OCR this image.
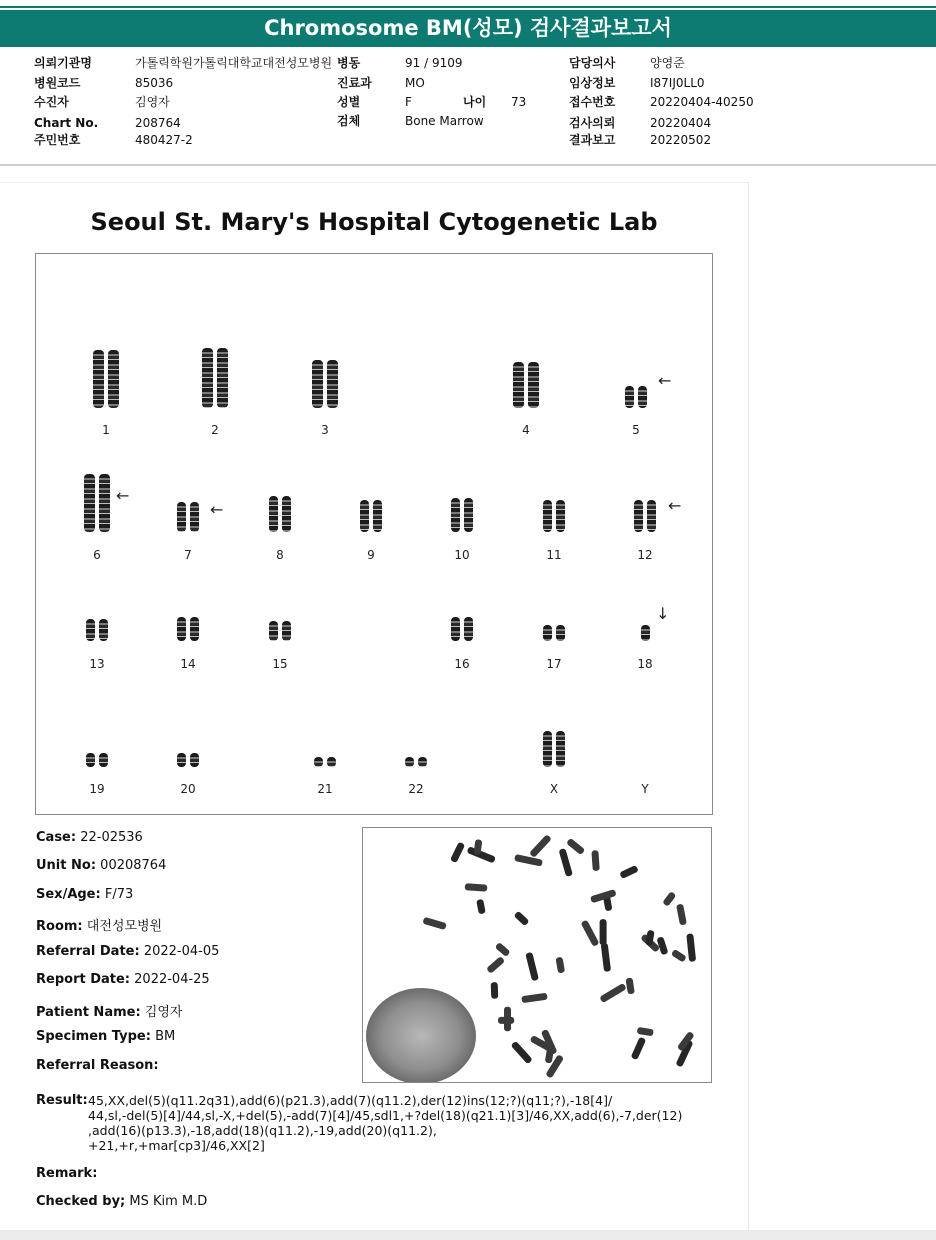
Chromosome BM(성모) 검사결과보고서
의뢰기관명	가톨릭학원가톨릭대학교대전성모병원 병동	91 / 9109	담당의사	양영준
병원코드	85036	진료과	MO	임상정보	I87IJ0LL0
수진자	김영자	성별	F	나이 73	접수번호	20220404-40250
Chart No.	208764	검체	Bone Marrow	검사의뢰	20220404
주민번호	480427-2	결과보고	20220502
Seoul St. Mary's Hospital Cytogenetic Lab
1	2	3	4	5
6	7	8	9	10	11	12
13	14	15	16	17	18
19	20	21	22	X	Y
←
←
←	←
↓
Case: 22-02536
Unit No: 00208764
Sex/Age: F/73
Room: 대전성모병원
Referral Date: 2022-04-05
Report Date: 2022-04-25
Patient Name: 김영자
Specimen Type: BM
Referral Reason:
Result: 45,XX,del(5)(q11.2q31),add(6)(p21.3),add(7)(q11.2),der(12)ins(12;?)(q11;?),-18[4]/
44,sl,-del(5)[4]/44,sl,-X,+del(5),-add(7)[4]/45,sdl1,+?del(18)(q21.1)[3]/46,XX,add(6),-7,der(12)
,add(16)(p13.3),-18,add(18)(q11.2),-19,add(20)(q11.2),
+21,+r,+mar[cp3]/46,XX[2]
Remark:
Checked by; MS Kim M.D
